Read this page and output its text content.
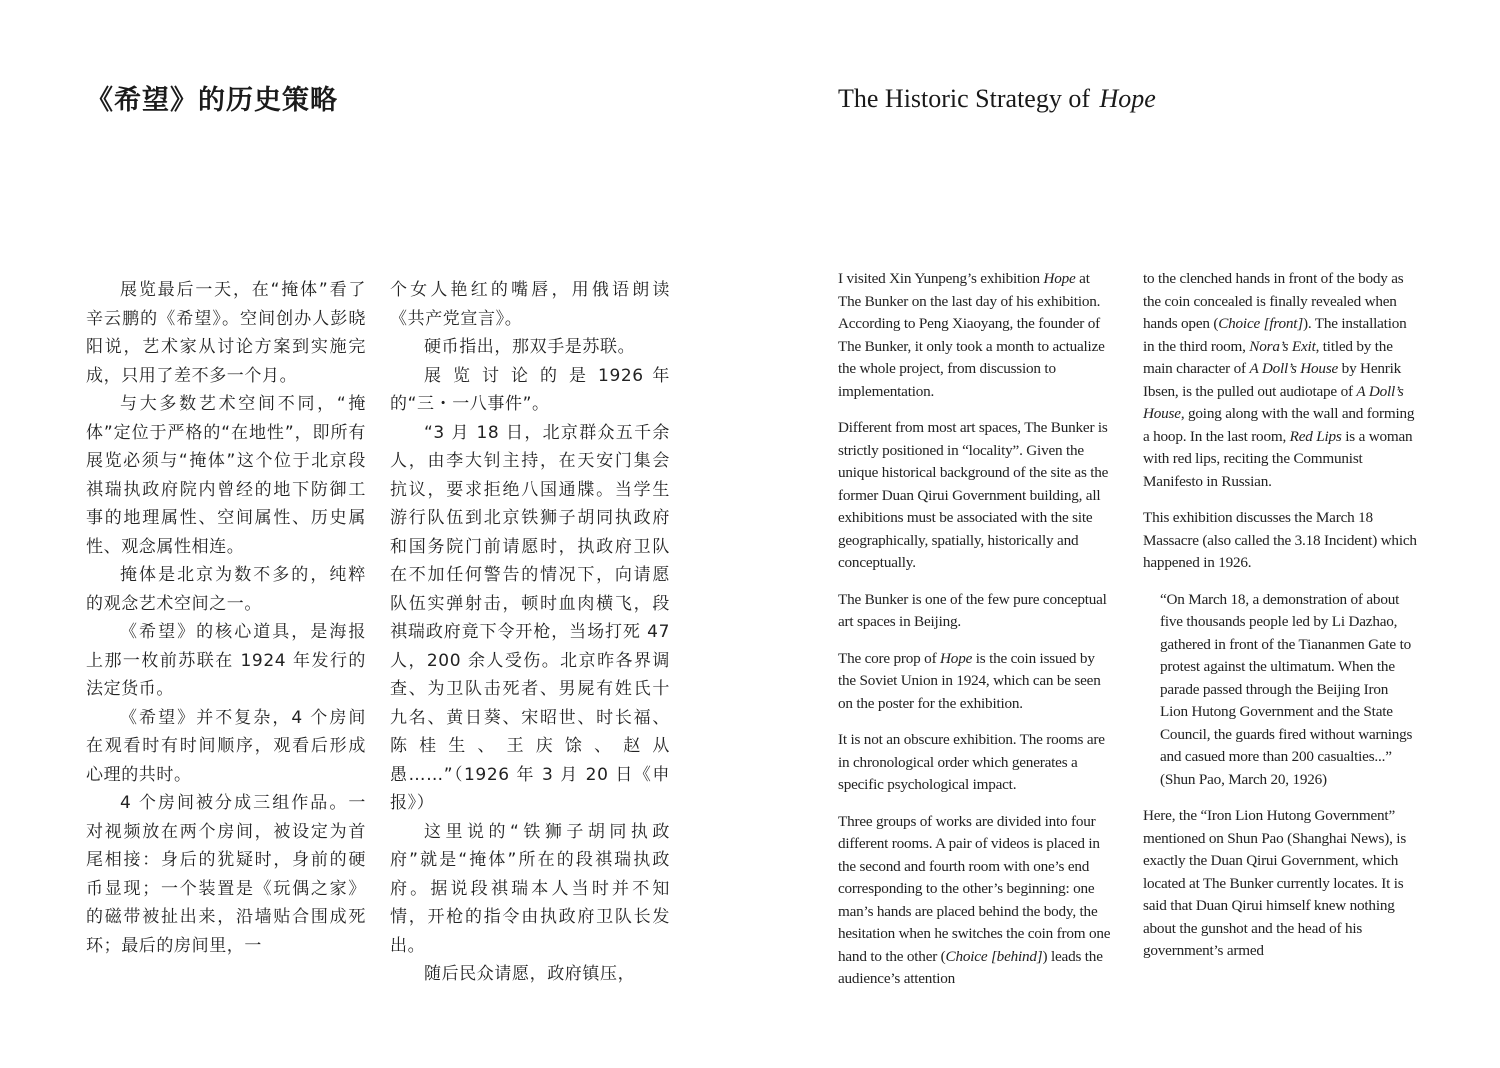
《希望》的历史策略	The Historic Strategy of Hope

展览最后一天，在“掩体”看了辛云鹏的《希望》。空间创办人彭晓阳说，艺术家从讨论方案到实施完成，只用了差不多一个月。

与大多数艺术空间不同，“掩体”定位于严格的“在地性”，即所有展览必须与“掩体”这个位于北京段祺瑞执政府院内曾经的地下防御工事的地理属性、空间属性、历史属性、观念属性相连。

掩体是北京为数不多的，纯粹的观念艺术空间之一。

《希望》的核心道具，是海报上那一枚前苏联在 1924 年发行的法定货币。

《希望》并不复杂，4 个房间在观看时有时间顺序，观看后形成心理的共时。

4 个房间被分成三组作品。一对视频放在两个房间，被设定为首尾相接：身后的犹疑时，身前的硬币显现；一个装置是《玩偶之家》的磁带被扯出来，沿墙贴合围成死环；最后的房间里，一

个女人艳红的嘴唇，用俄语朗读《共产党宣言》。

硬币指出，那双手是苏联。

展 览 讨 论 的 是 1926 年 的“三・一八事件”。

“3 月 18 日，北京群众五千余人，由李大钊主持，在天安门集会抗议，要求拒绝八国通牒。当学生游行队伍到北京铁狮子胡同执政府和国务院门前请愿时，执政府卫队在不加任何警告的情况下，向请愿队伍实弹射击，顿时血肉横飞，段祺瑞政府竟下令开枪，当场打死 47 人，200 余人受伤。北京昨各界调查、为卫队击死者、男屍有姓氏十九名、黄日葵、宋昭世、时长福、陈桂生、王庆馀、赵从愚……”（1926 年 3 月 20 日《申报》）

这里说的“铁狮子胡同执政府”就是“掩体”所在的段祺瑞执政府。据说段祺瑞本人当时并不知情，开枪的指令由执政府卫队长发出。

随后民众请愿，政府镇压，

I visited Xin Yunpeng’s exhibition Hope at The Bunker on the last day of his exhibition. According to Peng Xiaoyang, the founder of The Bunker, it only took a month to actualize the whole project, from discussion to implementation.

Different from most art spaces, The Bunker is strictly positioned in “locality”. Given the unique historical background of the site as the former Duan Qirui Government building, all exhibitions must be associated with the site geographically, spatially, historically and conceptually.

The Bunker is one of the few pure conceptual art spaces in Beijing.

The core prop of Hope is the coin issued by the Soviet Union in 1924, which can be seen on the poster for the exhibition.

It is not an obscure exhibition. The rooms are in chronological order which generates a specific psychological impact.

Three groups of works are divided into four different rooms. A pair of videos is placed in the second and fourth room with one’s end corresponding to the other’s beginning: one man’s hands are placed behind the body, the hesitation when he switches the coin from one hand to the other (Choice [behind]) leads the audience’s attention

to the clenched hands in front of the body as the coin concealed is finally revealed when hands open (Choice [front]). The installation in the third room, Nora’s Exit, titled by the main character of A Doll’s House by Henrik Ibsen, is the pulled out audiotape of A Doll’s House, going along with the wall and forming a hoop. In the last room, Red Lips is a woman with red lips, reciting the Communist Manifesto in Russian.

This exhibition discusses the March 18 Massacre (also called the 3.18 Incident) which happened in 1926.

“On March 18, a demonstration of about five thousands people led by Li Dazhao, gathered in front of the Tiananmen Gate to protest against the ultimatum. When the parade passed through the Beijing Iron Lion Hutong Government and the State Council, the guards fired without warnings and casued more than 200 casualties...” (Shun Pao, March 20, 1926)

Here, the “Iron Lion Hutong Government” mentioned on Shun Pao (Shanghai News), is exactly the Duan Qirui Government, which located at The Bunker currently locates. It is said that Duan Qirui himself knew nothing about the gunshot and the head of his government’s armed
